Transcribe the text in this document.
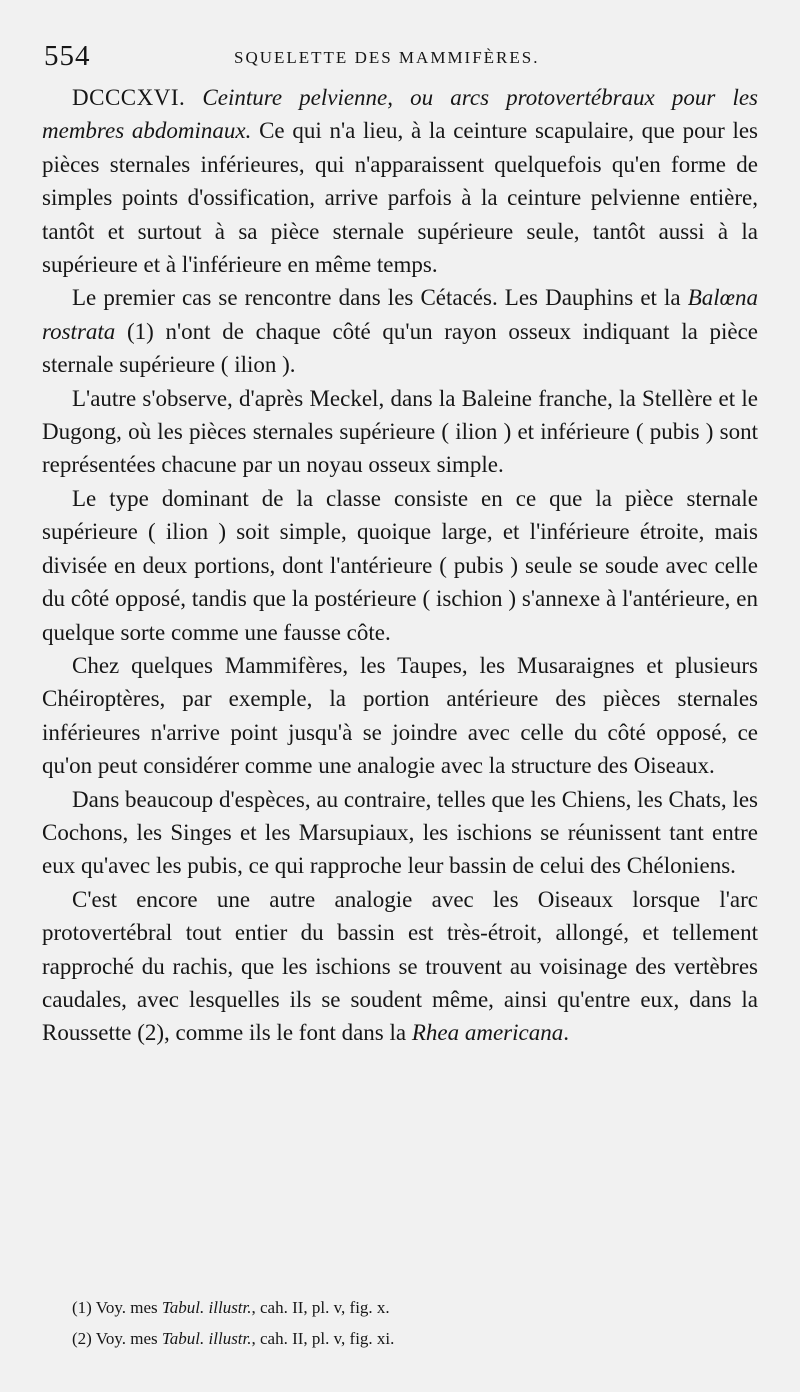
554	SQUELETTE DES MAMMIFÈRES.

DCCCXVI. Ceinture pelvienne, ou arcs protovertébraux pour les membres abdominaux. Ce qui n'a lieu, à la ceinture scapulaire, que pour les pièces sternales inférieures, qui n'apparaissent quelquefois qu'en forme de simples points d'ossification, arrive parfois à la ceinture pelvienne entière, tantôt et surtout à sa pièce sternale supérieure seule, tantôt aussi à la supérieure et à l'inférieure en même temps.

Le premier cas se rencontre dans les Cétacés. Les Dauphins et la Balœna rostrata (1) n'ont de chaque côté qu'un rayon osseux indiquant la pièce sternale supérieure ( ilion ).

L'autre s'observe, d'après Meckel, dans la Baleine franche, la Stellère et le Dugong, où les pièces sternales supérieure ( ilion ) et inférieure ( pubis ) sont représentées chacune par un noyau osseux simple.

Le type dominant de la classe consiste en ce que la pièce sternale supérieure ( ilion ) soit simple, quoique large, et l'inférieure étroite, mais divisée en deux portions, dont l'antérieure ( pubis ) seule se soude avec celle du côté opposé, tandis que la postérieure ( ischion ) s'annexe à l'antérieure, en quelque sorte comme une fausse côte.

Chez quelques Mammifères, les Taupes, les Musaraignes et plusieurs Chéiroptères, par exemple, la portion antérieure des pièces sternales inférieures n'arrive point jusqu'à se joindre avec celle du côté opposé, ce qu'on peut considérer comme une analogie avec la structure des Oiseaux.

Dans beaucoup d'espèces, au contraire, telles que les Chiens, les Chats, les Cochons, les Singes et les Marsupiaux, les ischions se réunissent tant entre eux qu'avec les pubis, ce qui rapproche leur bassin de celui des Chéloniens.

C'est encore une autre analogie avec les Oiseaux lorsque l'arc protovertébral tout entier du bassin est très-étroit, allongé, et tellement rapproché du rachis, que les ischions se trouvent au voisinage des vertèbres caudales, avec lesquelles ils se soudent même, ainsi qu'entre eux, dans la Roussette (2), comme ils le font dans la Rhea americana.

(1) Voy. mes Tabul. illustr., cah. II, pl. v, fig. x.
(2) Voy. mes Tabul. illustr., cah. II, pl. v, fig. xi.
